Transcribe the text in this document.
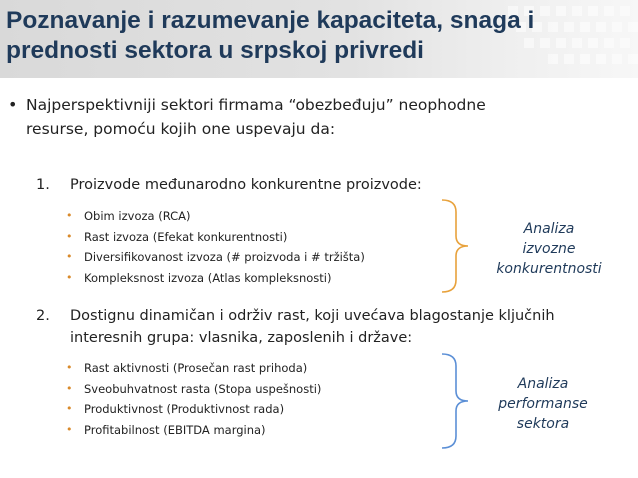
Poznavanje i razumevanje kapaciteta, snaga i
prednosti sektora u srpskoj privredi
• Najperspektivniji sektori firmama “obezbeđuju” neophodne
resurse, pomoću kojih one uspevaju da:
1. Proizvode međunarodno konkurentne proizvode:
• Obim izvoza (RCA)
• Rast izvoza (Efekat konkurentnosti)
• Diversifikovanost izvoza (# proizvoda i # tržišta)
• Kompleksnost izvoza (Atlas kompleksnosti)
Analiza
izvozne
konkurentnosti
2. Dostignu dinamičan i održiv rast, koji uvećava blagostanje ključnih
interesnih grupa: vlasnika, zaposlenih i države:
• Rast aktivnosti (Prosečan rast prihoda)
• Sveobuhvatnost rasta (Stopa uspešnosti)
• Produktivnost (Produktivnost rada)
• Profitabilnost (EBITDA margina)
Analiza
performanse
sektora
